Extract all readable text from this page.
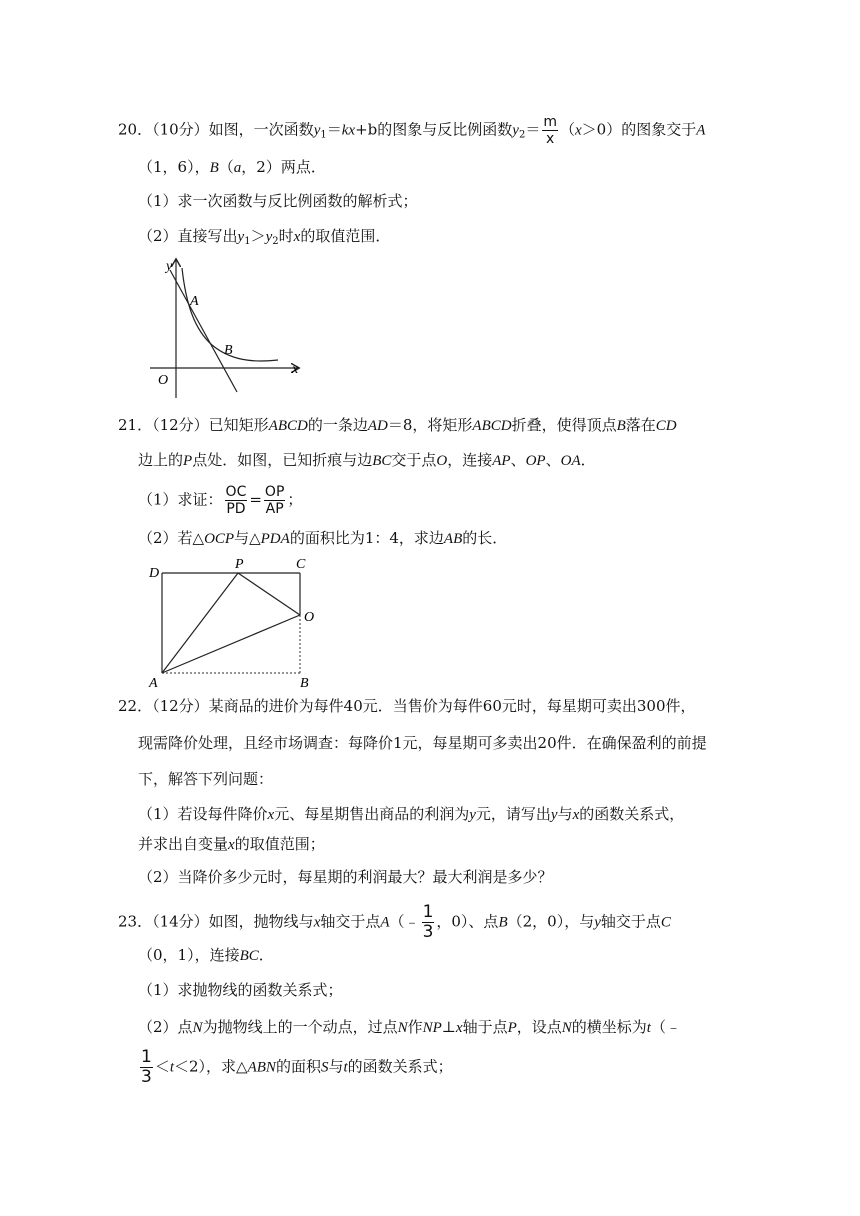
20．（10分）如图，一次函数$y_1=kx+b$的图象与反比例函数$y_2= \frac{m}{x} (x>0)$的图象交于A
（1，6），B（a，2）两点．
（1）求一次函数与反比例函数的解析式；
（2）直接写出$y_1>y_2$时x的取值范围．
y
A
B
O
x
21．（12分）已知矩形ABCD的一条边AD＝8，将矩形ABCD折叠，使得顶点B落在CD
边上的P点处．如图，已知折痕与边BC交于点O，连接AP、OP、OA．
（1）求证： $\frac{OC}{PD} = \frac{OP}{AP}$ ；
（2）若△OCP与△PDA的面积比为1：4，求边AB的长．
D
P	C
O
A	B
22．（12分）某商品的进价为每件40元．当售价为每件60元时，每星期可卖出300件，
现需降价处理，且经市场调查：每降价1元，每星期可多卖出20件．在确保盈利的前提
下，解答下列问题：
（1）若设每件降价x元、每星期售出商品的利润为y元，请写出y与x的函数关系式，
并求出自变量x的取值范围；
（2）当降价多少元时，每星期的利润最大？最大利润是多少？
23．（14分）如图，抛物线与x轴交于点A（﹣ $\frac{1}{3}$ ，0）、点B（2，0），与y轴交于点C
（0，1），连接BC．
（1）求抛物线的函数关系式；
（2）点N为抛物线上的一个动点，过点N作NP⊥x轴于点P，设点N的横坐标为t（﹣
$\frac{1}{3} <t<2$），求△ABN的面积S与t的函数关系式；
